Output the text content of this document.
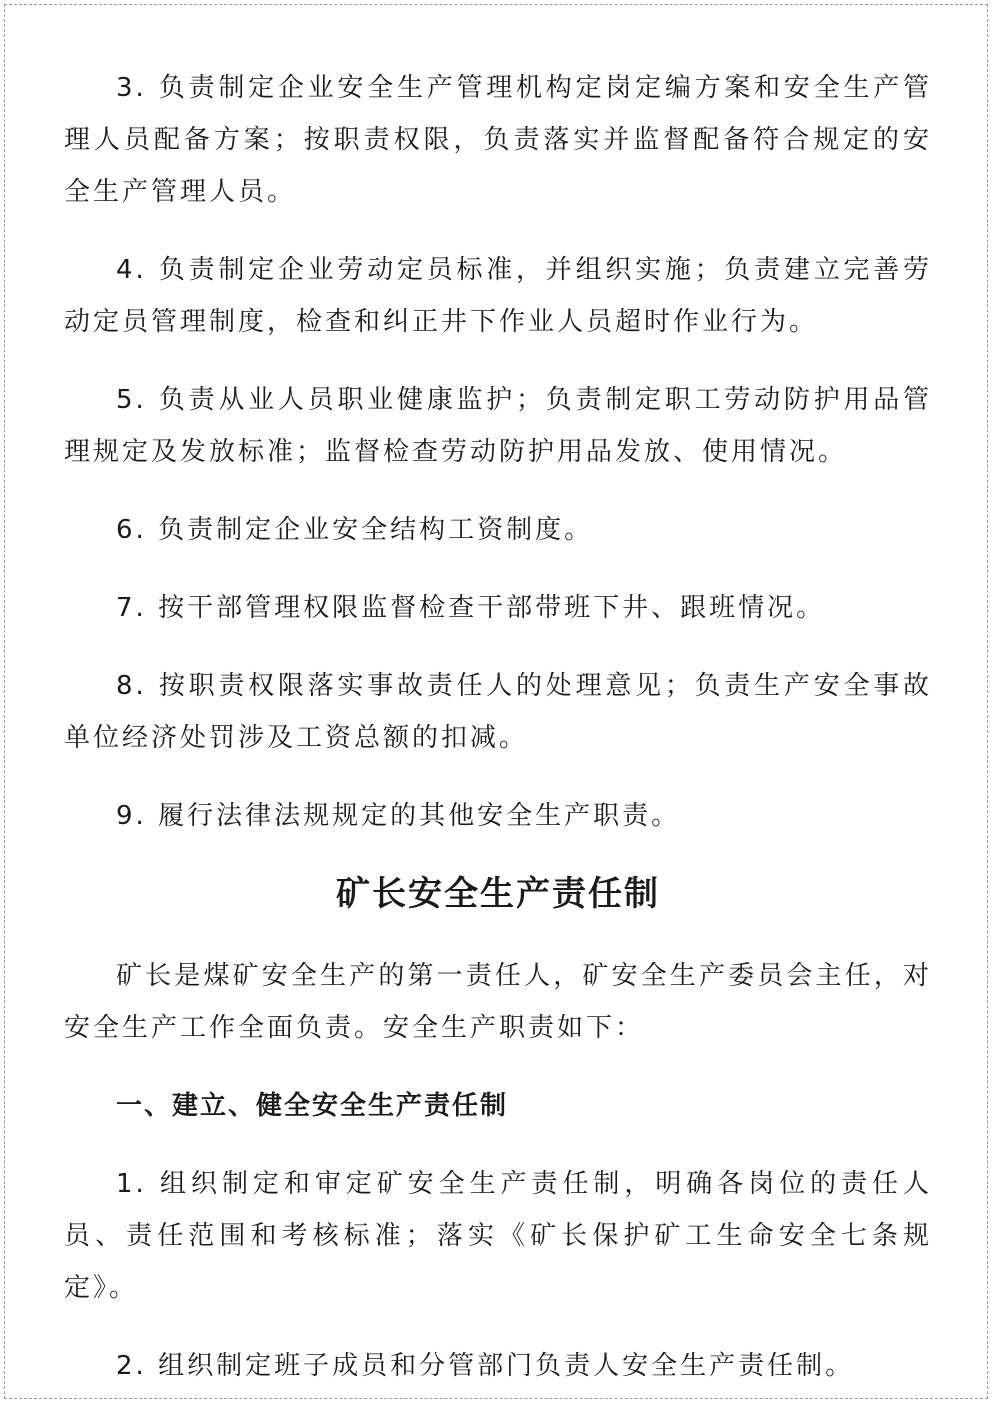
3. 负责制定企业安全生产管理机构定岗定编方案和安全生产管理人员配备方案；按职责权限，负责落实并监督配备符合规定的安全生产管理人员。

4. 负责制定企业劳动定员标准，并组织实施；负责建立完善劳动定员管理制度，检查和纠正井下作业人员超时作业行为。

5. 负责从业人员职业健康监护；负责制定职工劳动防护用品管理规定及发放标准；监督检查劳动防护用品发放、使用情况。

6. 负责制定企业安全结构工资制度。

7. 按干部管理权限监督检查干部带班下井、跟班情况。

8. 按职责权限落实事故责任人的处理意见；负责生产安全事故单位经济处罚涉及工资总额的扣减。

9. 履行法律法规规定的其他安全生产职责。

矿长安全生产责任制

矿长是煤矿安全生产的第一责任人，矿安全生产委员会主任，对安全生产工作全面负责。安全生产职责如下：

一、建立、健全安全生产责任制

1. 组织制定和审定矿安全生产责任制，明确各岗位的责任人员、责任范围和考核标准；落实《矿长保护矿工生命安全七条规定》。

2. 组织制定班子成员和分管部门负责人安全生产责任制。
